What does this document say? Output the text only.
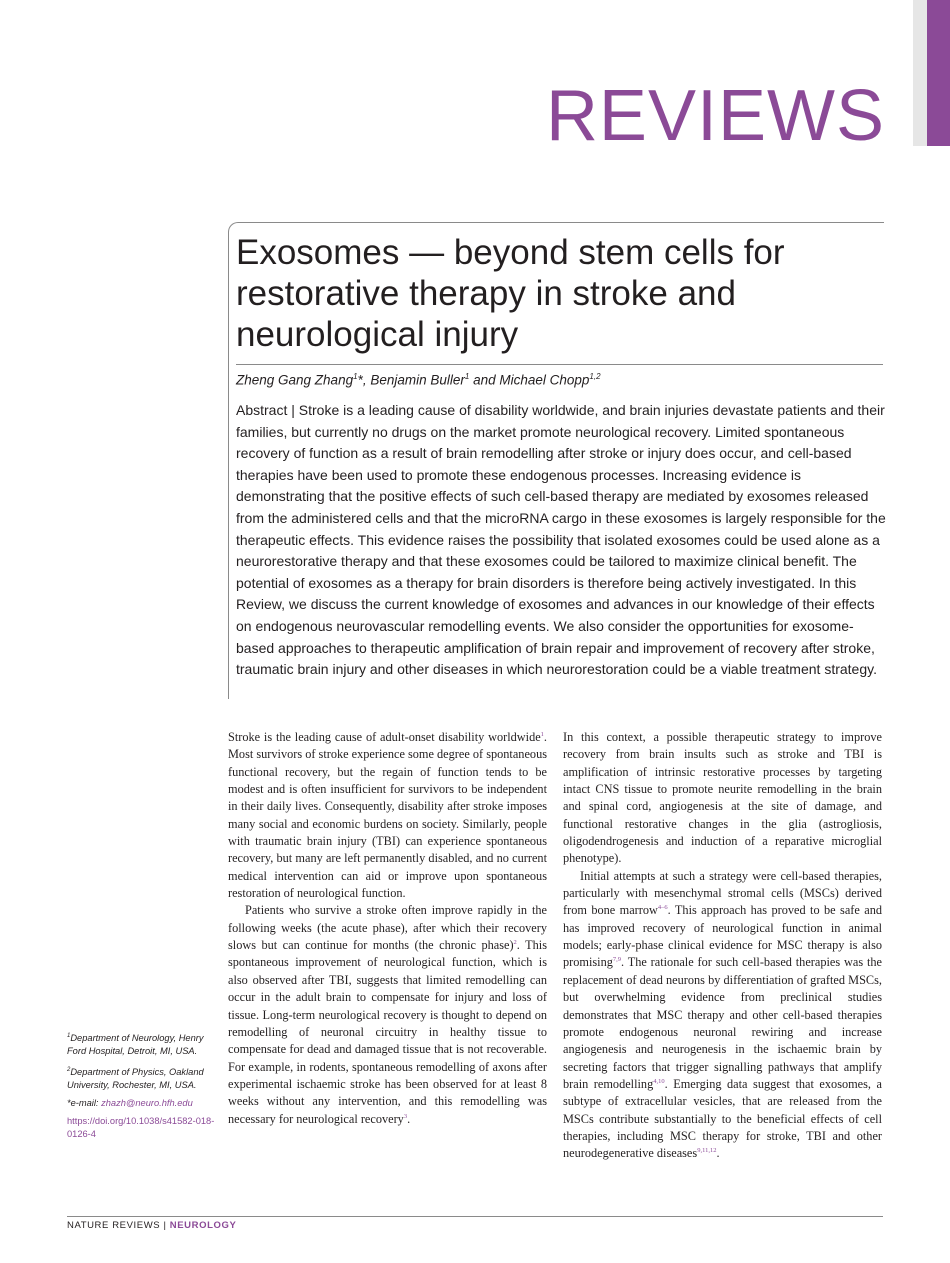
REVIEWS
Exosomes — beyond stem cells for restorative therapy in stroke and neurological injury
Zheng Gang Zhang$^1$*, Benjamin Buller$^1$ and Michael Chopp$^{1,2}$
Abstract | Stroke is a leading cause of disability worldwide, and brain injuries devastate patients and their families, but currently no drugs on the market promote neurological recovery. Limited spontaneous recovery of function as a result of brain remodelling after stroke or injury does occur, and cell-based therapies have been used to promote these endogenous processes. Increasing evidence is demonstrating that the positive effects of such cell-based therapy are mediated by exosomes released from the administered cells and that the microRNA cargo in these exosomes is largely responsible for the therapeutic effects. This evidence raises the possibility that isolated exosomes could be used alone as a neurorestorative therapy and that these exosomes could be tailored to maximize clinical benefit. The potential of exosomes as a therapy for brain disorders is therefore being actively investigated. In this Review, we discuss the current knowledge of exosomes and advances in our knowledge of their effects on endogenous neurovascular remodelling events. We also consider the opportunities for exosome-based approaches to therapeutic amplification of brain repair and improvement of recovery after stroke, traumatic brain injury and other diseases in which neurorestoration could be a viable treatment strategy.

Stroke is the leading cause of adult-onset disability worldwide$^1$. Most survivors of stroke experience some degree of spontaneous functional recovery, but the regain of function tends to be modest and is often insufficient for survivors to be independent in their daily lives. Consequently, disability after stroke imposes many social and economic burdens on society. Similarly, people with traumatic brain injury (TBI) can experience spontaneous recovery, but many are left permanently disabled, and no current medical intervention can aid or improve upon spontaneous restoration of neurological function.

Patients who survive a stroke often improve rapidly in the following weeks (the acute phase), after which their recovery slows but can continue for months (the chronic phase)$^2$. This spontaneous improvement of neurological function, which is also observed after TBI, suggests that limited remodelling can occur in the adult brain to compensate for injury and loss of tissue. Long-term neurological recovery is thought to depend on remodelling of neuronal circuitry in healthy tissue to compensate for dead and damaged tissue that is not recoverable. For example, in rodents, spontaneous remodelling of axons after experimental ischaemic stroke has been observed for at least 8 weeks without any intervention, and this remodelling was necessary for neurological recovery$^3$.

In this context, a possible therapeutic strategy to improve recovery from brain insults such as stroke and TBI is amplification of intrinsic restorative processes by targeting intact CNS tissue to promote neurite remodelling in the brain and spinal cord, angiogenesis at the site of damage, and functional restorative changes in the glia (astrogliosis, oligodendrogenesis and induction of a reparative microglial phenotype).

Initial attempts at such a strategy were cell-based therapies, particularly with mesenchymal stromal cells (MSCs) derived from bone marrow$^{4-6}$. This approach has proved to be safe and has improved recovery of neurological function in animal models; early-phase clinical evidence for MSC therapy is also promising$^{7,9}$. The rationale for such cell-based therapies was the replacement of dead neurons by differentiation of grafted MSCs, but overwhelming evidence from preclinical studies demonstrates that MSC therapy and other cell-based therapies promote endogenous neuronal rewiring and increase angiogenesis and neurogenesis in the ischaemic brain by secreting factors that trigger signalling pathways that amplify brain remodelling$^{4,10}$. Emerging data suggest that exosomes, a subtype of extracellular vesicles, that are released from the MSCs contribute substantially to the beneficial effects of cell therapies, including MSC therapy for stroke, TBI and other neurodegenerative diseases$^{9,11,12}$.

$^1$Department of Neurology, Henry Ford Hospital, Detroit, MI, USA.

$^2$Department of Physics, Oakland University, Rochester, MI, USA.

*e-mail: zhazh@neuro.hfh.edu

https://doi.org/10.1038/s41582-018-0126-4

NATURE REVIEWS | NEUROLOGY
